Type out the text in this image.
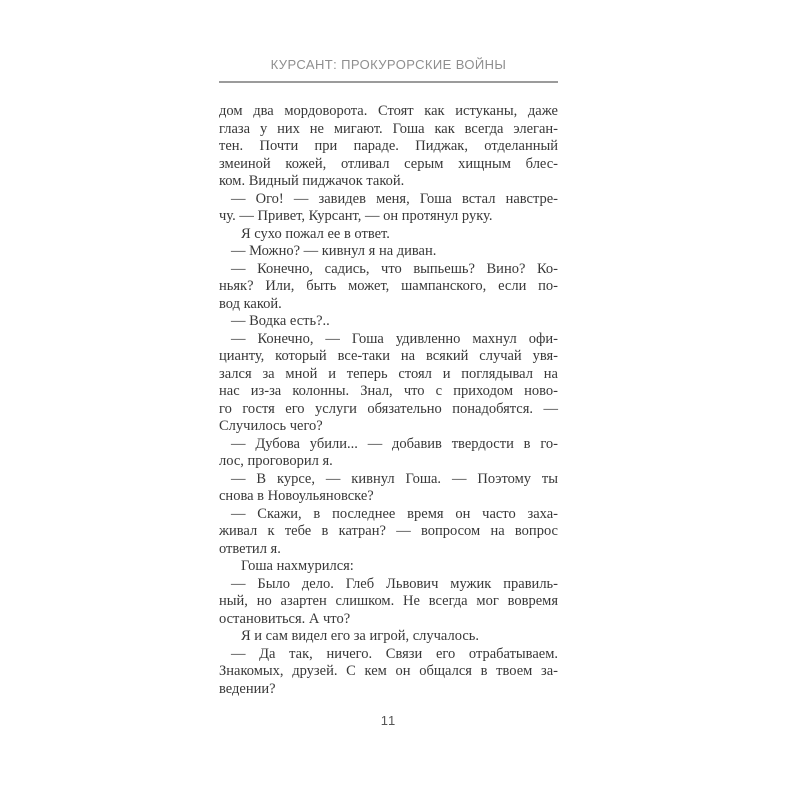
КУРСАНТ: ПРОКУРОРСКИЕ ВОЙНЫ
дом два мордоворота. Стоят как истуканы, даже
глаза у них не мигают. Гоша как всегда элеган-
тен. Почти при параде. Пиджак, отделанный
змеиной кожей, отливал серым хищным блес-
ком. Видный пиджачок такой.
— Ого! — завидев меня, Гоша встал навстре-
чу. — Привет, Курсант, — он протянул руку.
Я сухо пожал ее в ответ.
— Можно? — кивнул я на диван.
— Конечно, садись, что выпьешь? Вино? Ко-
ньяк? Или, быть может, шампанского, если по-
вод какой.
— Водка есть?..
— Конечно, — Гоша удивленно махнул офи-
цианту, который все-таки на всякий случай увя-
зался за мной и теперь стоял и поглядывал на
нас из-за колонны. Знал, что с приходом ново-
го гостя его услуги обязательно понадобятся. —
Случилось чего?
— Дубова убили... — добавив твердости в го-
лос, проговорил я.
— В курсе, — кивнул Гоша. — Поэтому ты
снова в Новоульяновске?
— Скажи, в последнее время он часто заха-
живал к тебе в катран? — вопросом на вопрос
ответил я.
Гоша нахмурился:
— Было дело. Глеб Львович мужик правиль-
ный, но азартен слишком. Не всегда мог вовремя
остановиться. А что?
Я и сам видел его за игрой, случалось.
— Да так, ничего. Связи его отрабатываем.
Знакомых, друзей. С кем он общался в твоем за-
ведении?
11
